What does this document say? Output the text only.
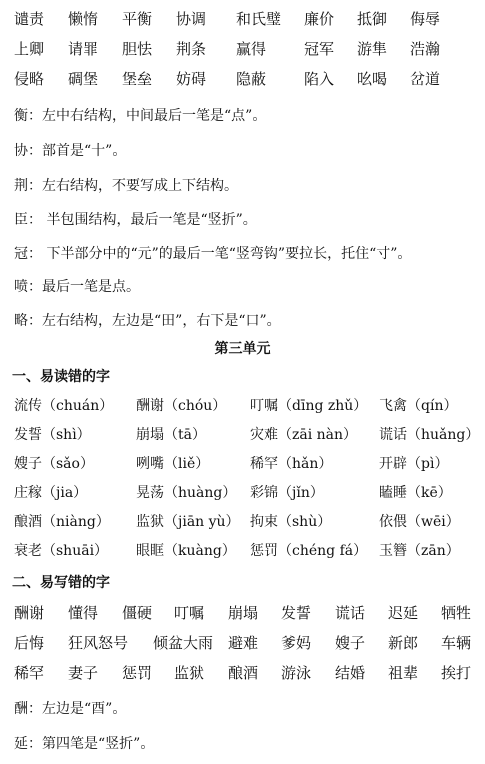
谴责 懒惰 平衡 协调 和氏璧 廉价 抵御 侮辱
上卿 请罪 胆怯 荆条 赢得	冠军 游隼 浩瀚
侵略 碉堡 堡垒 妨碍 隐蔽	陷入 吆喝 岔道
衡：左中右结构，中间最后一笔是“点”。
协：部首是“十”。
荆：左右结构，不要写成上下结构。
臣： 半包围结构，最后一笔是“竖折”。
冠： 下半部分中的“元”的最后一笔“竖弯钩”要拉长，托住“寸”。
喷：最后一笔是点。
略：左右结构，左边是“田”，右下是“口”。
第三单元
一、易读错的字
流传（chuán） 酬谢（chóu） 叮嘱（dīng zhǔ） 飞禽（qín）
发誓（shì）	崩塌（tā）	灾难（zāi nàn） 谎话（huǎng）
嫂子（sǎo）	咧嘴（liě）	稀罕（hǎn）	开辟（pì）
庄稼（jia）	晃荡（huàng） 彩锦（jǐn）	瞌睡（kē）
酿酒（niàng） 监狱（jiān yù） 拘束（shù）	依偎（wēi）
衰老（shuāi） 眼眶（kuàng） 惩罚（chéng fá） 玉簪（zān）
二、易写错的字
酬谢 懂得 僵硬 叮嘱 崩塌 发誓 谎话 迟延 牺牲
后悔 狂风怒号 倾盆大雨 避难 爹妈 嫂子 新郎 车辆
稀罕 妻子 惩罚 监狱 酿酒 游泳 结婚 祖辈 挨打
酬：左边是“酉”。
延：第四笔是“竖折”。
